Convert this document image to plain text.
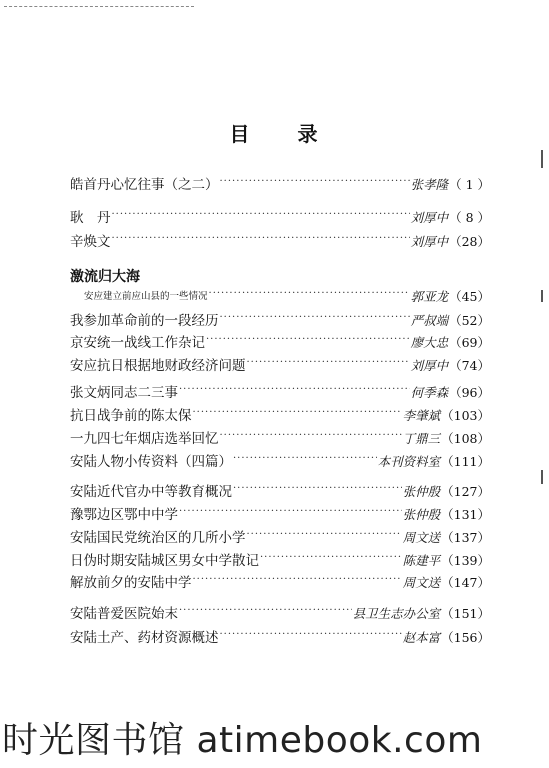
目 录
皓首丹心忆往事（之二） ·····	张孝隆 （ 1 ）
耿　丹 ·····	刘厚中 （ 8 ）
辛焕文 ·····	刘厚中 （28）
激流归大海
安应建立前应山县的一些情况 ·····	郭亚龙 （45）
我参加革命前的一段经历 ·····	严叔端 （52）
京安统一战线工作杂记 ·····	廖大忠 （69）
安应抗日根据地财政经济问题 ·····	刘厚中 （74）
张文炳同志二三事 ·····	何季森 （96）
抗日战争前的陈太保 ·····	李肇斌 （103）
一九四七年烟店选举回忆 ·····	丁鼎三 （108）
安陆人物小传资料（四篇） ·····	本刊资料室 （111）
安陆近代官办中等教育概况 ·····	张仲殷 （127）
豫鄂边区鄂中中学 ·····	张仲殷 （131）
安陆国民党统治区的几所小学 ·····	周文送 （137）
日伪时期安陆城区男女中学散记 ·····	陈建平 （139）
解放前夕的安陆中学 ·····	周文送 （147）
安陆普爱医院始末 ·····	县卫生志办公室 （151）
安陆土产、药材资源概述 ·····	赵本富 （156）
时光图书馆 atimebook.com
